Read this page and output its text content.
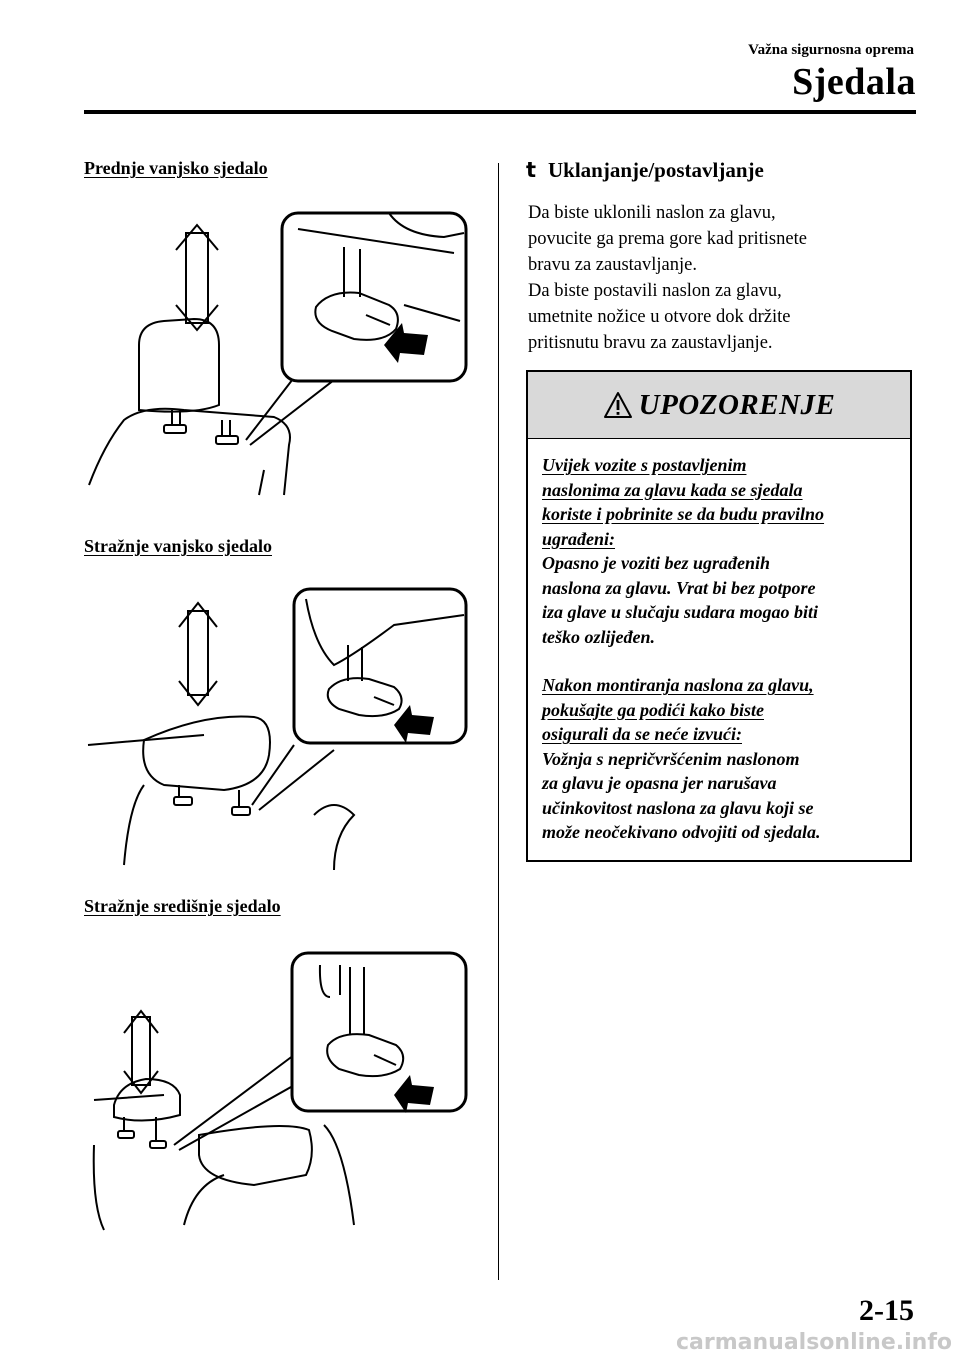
Važna sigurnosna oprema
Sjedala
Prednje vanjsko sjedalo
Stražnje vanjsko sjedalo
Stražnje središnje sjedalo
t Uklanjanje/postavljanje

Da biste uklonili naslon za glavu,

povucite ga prema gore kad pritisnete

bravu za zaustavljanje.

Da biste postavili naslon za glavu,

umetnite nožice u otvore dok držite

pritisnutu bravu za zaustavljanje.

UPOZORENJE

Uvijek vozite s postavljenim

naslonima za glavu kada se sjedala

koriste i pobrinite se da budu pravilno

ugrađeni:

Opasno je voziti bez ugrađenih

naslona za glavu. Vrat bi bez potpore

iza glave u slučaju sudara mogao biti

teško ozlijeđen.

Nakon montiranja naslona za glavu,

pokušajte ga podići kako biste

osigurali da se neće izvući:

Vožnja s nepričvršćenim naslonom

za glavu je opasna jer narušava

učinkovitost naslona za glavu koji se

može neočekivano odvojiti od sjedala.

2-15
carmanualsonline.info
